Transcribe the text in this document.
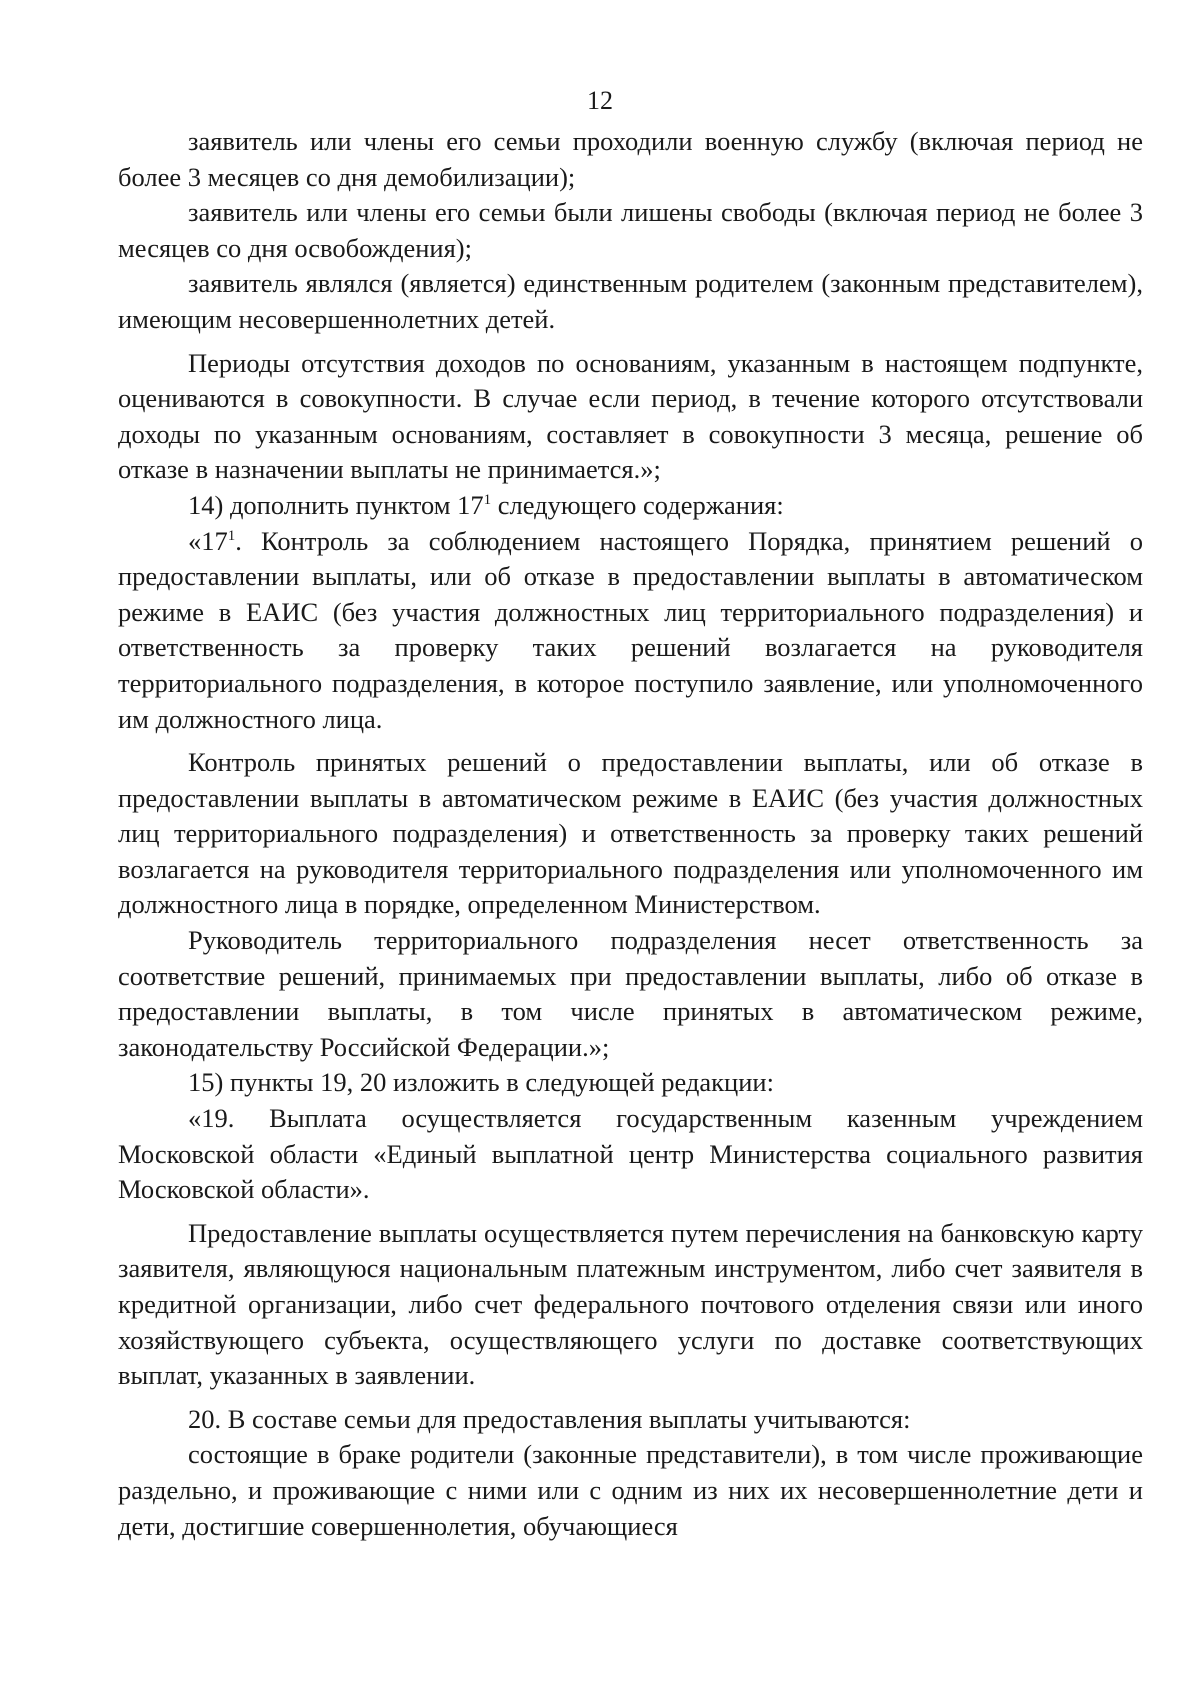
12

заявитель или члены его семьи проходили военную службу (включая период не более 3 месяцев со дня демобилизации);

заявитель или члены его семьи были лишены свободы (включая период не более 3 месяцев со дня освобождения);

заявитель являлся (является) единственным родителем (законным представителем), имеющим несовершеннолетних детей.

Периоды отсутствия доходов по основаниям, указанным в настоящем подпункте, оцениваются в совокупности. В случае если период, в течение которого отсутствовали доходы по указанным основаниям, составляет в совокупности 3 месяца, решение об отказе в назначении выплаты не принимается.»;

14) дополнить пунктом $17^1$ следующего содержания:

«$17^1$. Контроль за соблюдением настоящего Порядка, принятием решений о предоставлении выплаты, или об отказе в предоставлении выплаты в автоматическом режиме в ЕАИС (без участия должностных лиц территориального подразделения) и ответственность за проверку таких решений возлагается на руководителя территориального подразделения, в которое поступило заявление, или уполномоченного им должностного лица.

Контроль принятых решений о предоставлении выплаты, или об отказе в предоставлении выплаты в автоматическом режиме в ЕАИС (без участия должностных лиц территориального подразделения) и ответственность за проверку таких решений возлагается на руководителя территориального подразделения или уполномоченного им должностного лица в порядке, определенном Министерством.

Руководитель территориального подразделения несет ответственность за соответствие решений, принимаемых при предоставлении выплаты, либо об отказе в предоставлении выплаты, в том числе принятых в автоматическом режиме, законодательству Российской Федерации.»;

15) пункты 19, 20 изложить в следующей редакции:

«19. Выплата осуществляется государственным казенным учреждением Московской области «Единый выплатной центр Министерства социального развития Московской области».

Предоставление выплаты осуществляется путем перечисления на банковскую карту заявителя, являющуюся национальным платежным инструментом, либо счет заявителя в кредитной организации, либо счет федерального почтового отделения связи или иного хозяйствующего субъекта, осуществляющего услуги по доставке соответствующих выплат, указанных в заявлении.

20. В составе семьи для предоставления выплаты учитываются:

состоящие в браке родители (законные представители), в том числе проживающие раздельно, и проживающие с ними или с одним из них их несовершеннолетние дети и дети, достигшие совершеннолетия, обучающиеся
